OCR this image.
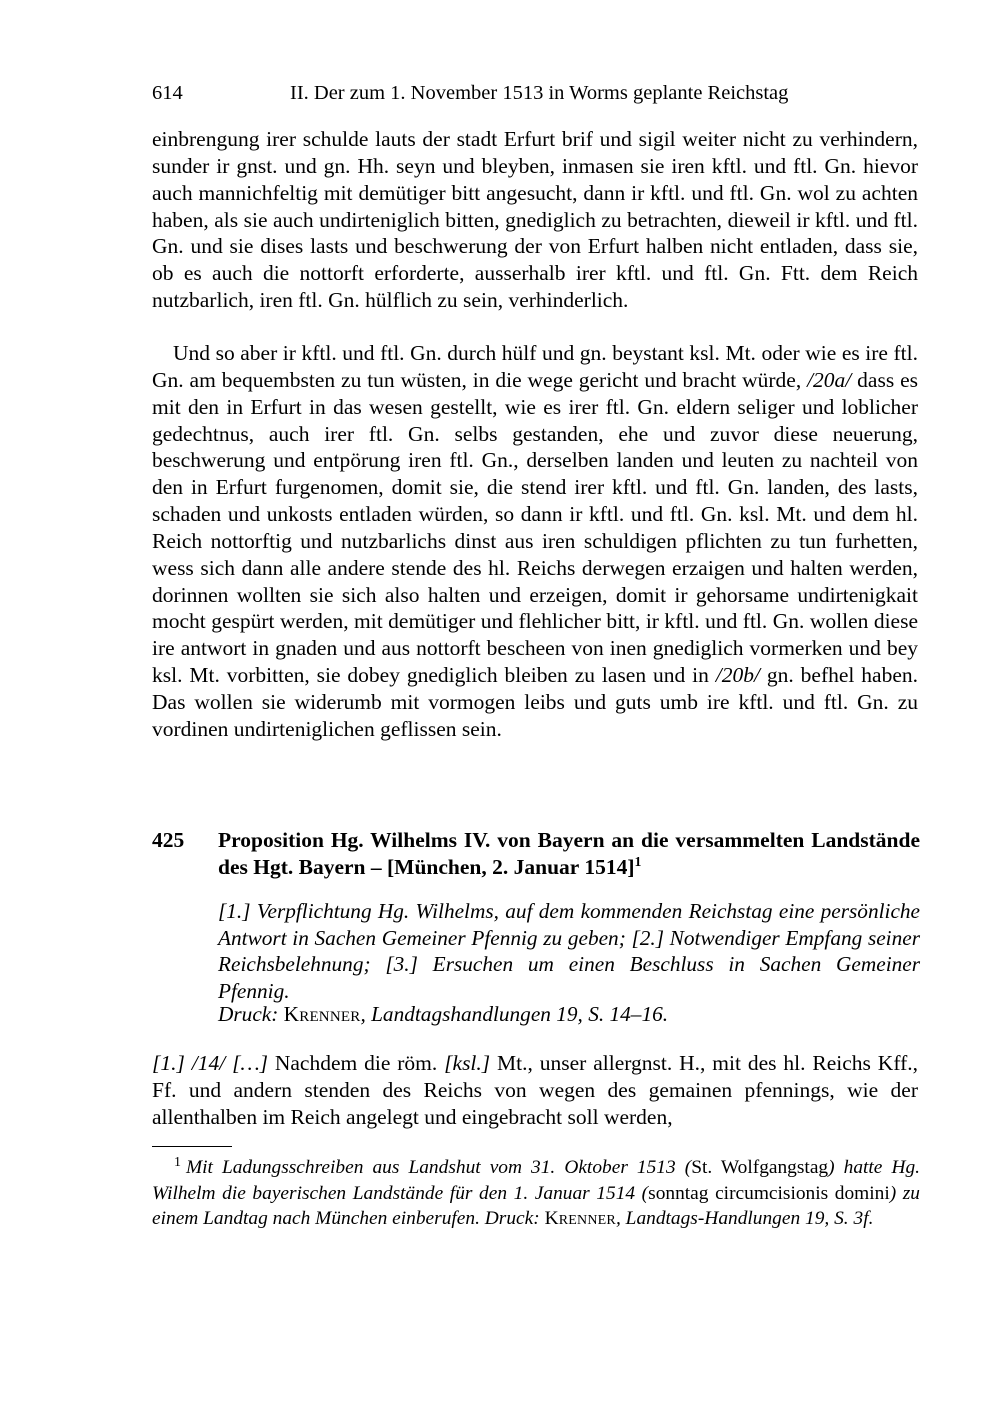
614	II. Der zum 1. November 1513 in Worms geplante Reichstag

einbrengung irer schulde lauts der stadt Erfurt brif und sigil weiter nicht zu verhindern, sunder ir gnst. und gn. Hh. seyn und bleyben, inmasen sie iren kftl. und ftl. Gn. hievor auch mannichfeltig mit demütiger bitt angesucht, dann ir kftl. und ftl. Gn. wol zu achten haben, als sie auch undirteniglich bitten, gnediglich zu betrachten, dieweil ir kftl. und ftl. Gn. und sie dises lasts und beschwerung der von Erfurt halben nicht entladen, dass sie, ob es auch die nottorft erforderte, ausserhalb irer kftl. und ftl. Gn. Ftt. dem Reich nutzbarlich, iren ftl. Gn. hülflich zu sein, verhinderlich.

Und so aber ir kftl. und ftl. Gn. durch hülf und gn. beystant ksl. Mt. oder wie es ire ftl. Gn. am bequembsten zu tun wüsten, in die wege gericht und bracht würde, /20a/ dass es mit den in Erfurt in das wesen gestellt, wie es irer ftl. Gn. eldern seliger und loblicher gedechtnus, auch irer ftl. Gn. selbs gestanden, ehe und zuvor diese neuerung, beschwerung und entpörung iren ftl. Gn., derselben landen und leuten zu nachteil von den in Erfurt furgenomen, domit sie, die stend irer kftl. und ftl. Gn. landen, des lasts, schaden und unkosts entladen würden, so dann ir kftl. und ftl. Gn. ksl. Mt. und dem hl. Reich nottorftig und nutzbarlichs dinst aus iren schuldigen pflichten zu tun furhetten, wess sich dann alle andere stende des hl. Reichs derwegen erzaigen und halten werden, dorinnen wollten sie sich also halten und erzeigen, domit ir gehorsame undirtenigkait mocht gespürt werden, mit demütiger und flehlicher bitt, ir kftl. und ftl. Gn. wollen diese ire antwort in gnaden und aus nottorft bescheen von inen gnediglich vormerken und bey ksl. Mt. vorbitten, sie dobey gnediglich bleiben zu lasen und in /20b/ gn. befhel haben. Das wollen sie widerumb mit vormogen leibs und guts umb ire kftl. und ftl. Gn. zu vordinen undirteniglichen geflissen sein.

425	Proposition Hg. Wilhelms IV. von Bayern an die versammelten Landstände des Hgt. Bayern – [München, 2. Januar 1514]$^1$
[1.] Verpflichtung Hg. Wilhelms, auf dem kommenden Reichstag eine persönliche Antwort in Sachen Gemeiner Pfennig zu geben; [2.] Notwendiger Empfang seiner Reichsbelehnung; [3.] Ersuchen um einen Beschluss in Sachen Gemeiner Pfennig.
Druck: Krenner, Landtagshandlungen 19, S. 14–16.
[1.] /14/ […] Nachdem die röm. [ksl.] Mt., unser allergnst. H., mit des hl. Reichs Kff., Ff. und andern stenden des Reichs von wegen des gemainen pfennings, wie der allenthalben im Reich angelegt und eingebracht soll werden,
$^1$ Mit Ladungsschreiben aus Landshut vom 31. Oktober 1513 (St. Wolfgangstag) hatte Hg. Wilhelm die bayerischen Landstände für den 1. Januar 1514 (sonntag circumcisionis domini) zu einem Landtag nach München einberufen. Druck: Krenner, Landtags-Handlungen 19, S. 3f.
